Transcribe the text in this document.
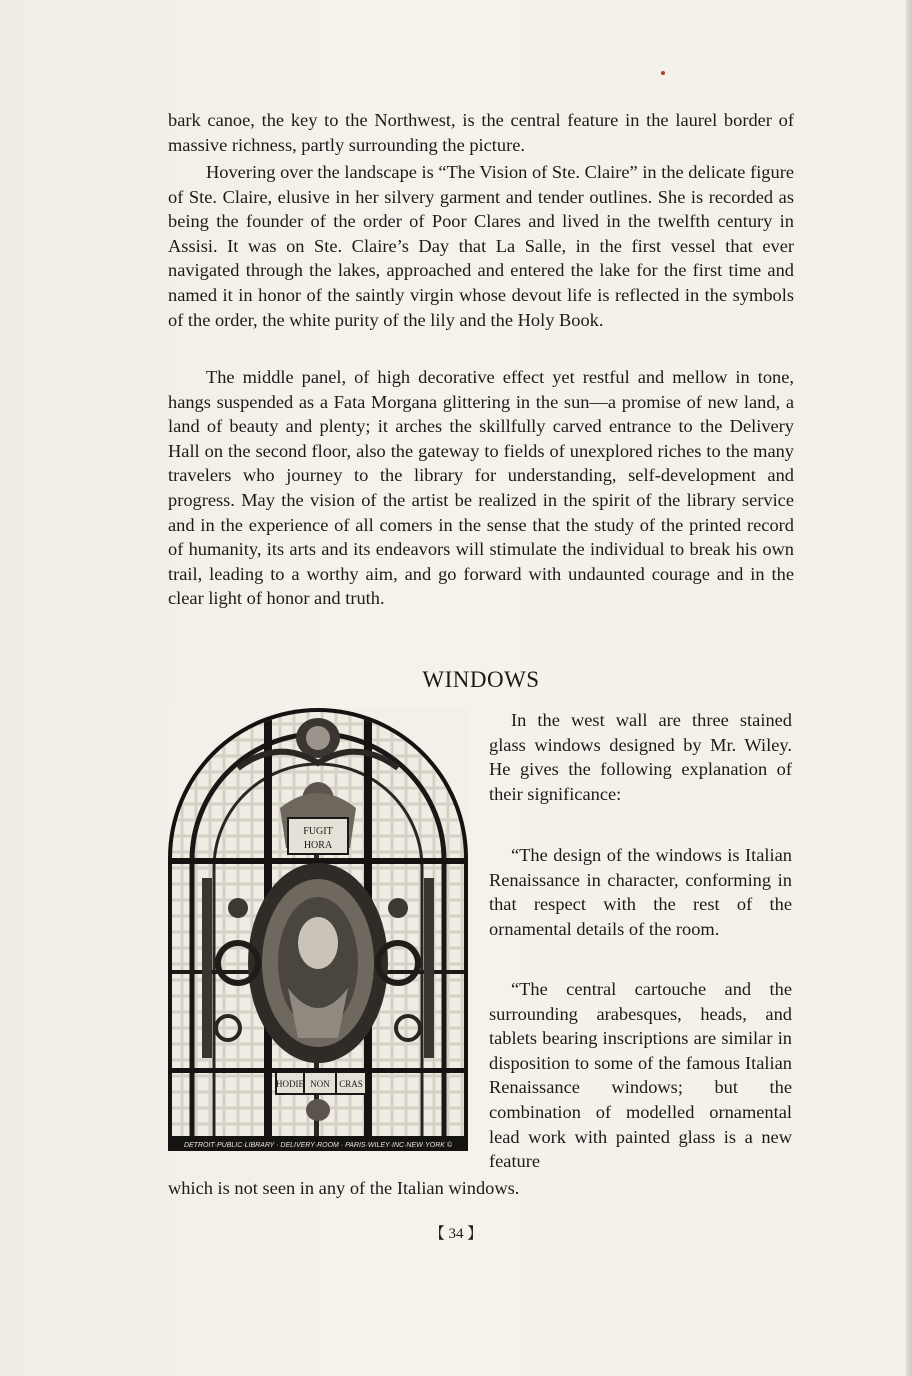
bark canoe, the key to the Northwest, is the central feature in the laurel border of massive richness, partly surrounding the picture.

Hovering over the landscape is “The Vision of Ste. Claire” in the delicate figure of Ste. Claire, elusive in her silvery garment and tender outlines. She is recorded as being the founder of the order of Poor Clares and lived in the twelfth century in Assisi. It was on Ste. Claire’s Day that La Salle, in the first vessel that ever navigated through the lakes, approached and entered the lake for the first time and named it in honor of the saintly virgin whose devout life is reflected in the symbols of the order, the white purity of the lily and the Holy Book.

The middle panel, of high decorative effect yet restful and mellow in tone, hangs suspended as a Fata Morgana glittering in the sun—a promise of new land, a land of beauty and plenty; it arches the skillfully carved entrance to the Delivery Hall on the second floor, also the gateway to fields of unexplored riches to the many travelers who journey to the library for understanding, self-development and progress. May the vision of the artist be realized in the spirit of the library service and in the experience of all comers in the sense that the study of the printed record of humanity, its arts and its endeavors will stimulate the individual to break his own trail, leading to a worthy aim, and go forward with undaunted courage and in the clear light of honor and truth.

WINDOWS
FUGIT
HORA
HODIE NON CRAS
DETROIT·PUBLIC·LIBRARY · DELIVERY·ROOM · PARIS·WILEY·INC·NEW·YORK ©

In the west wall are three stained glass windows designed by Mr. Wiley. He gives the following explanation of their significance:

“The design of the windows is Italian Renaissance in character, conforming in that respect with the rest of the ornamental details of the room.

“The central cartouche and the surrounding arabesques, heads, and tablets bearing inscriptions are similar in disposition to some of the famous Italian Renaissance windows; but the combination of modelled ornamental lead work with painted glass is a new feature

which is not seen in any of the Italian windows.

【 34 】
